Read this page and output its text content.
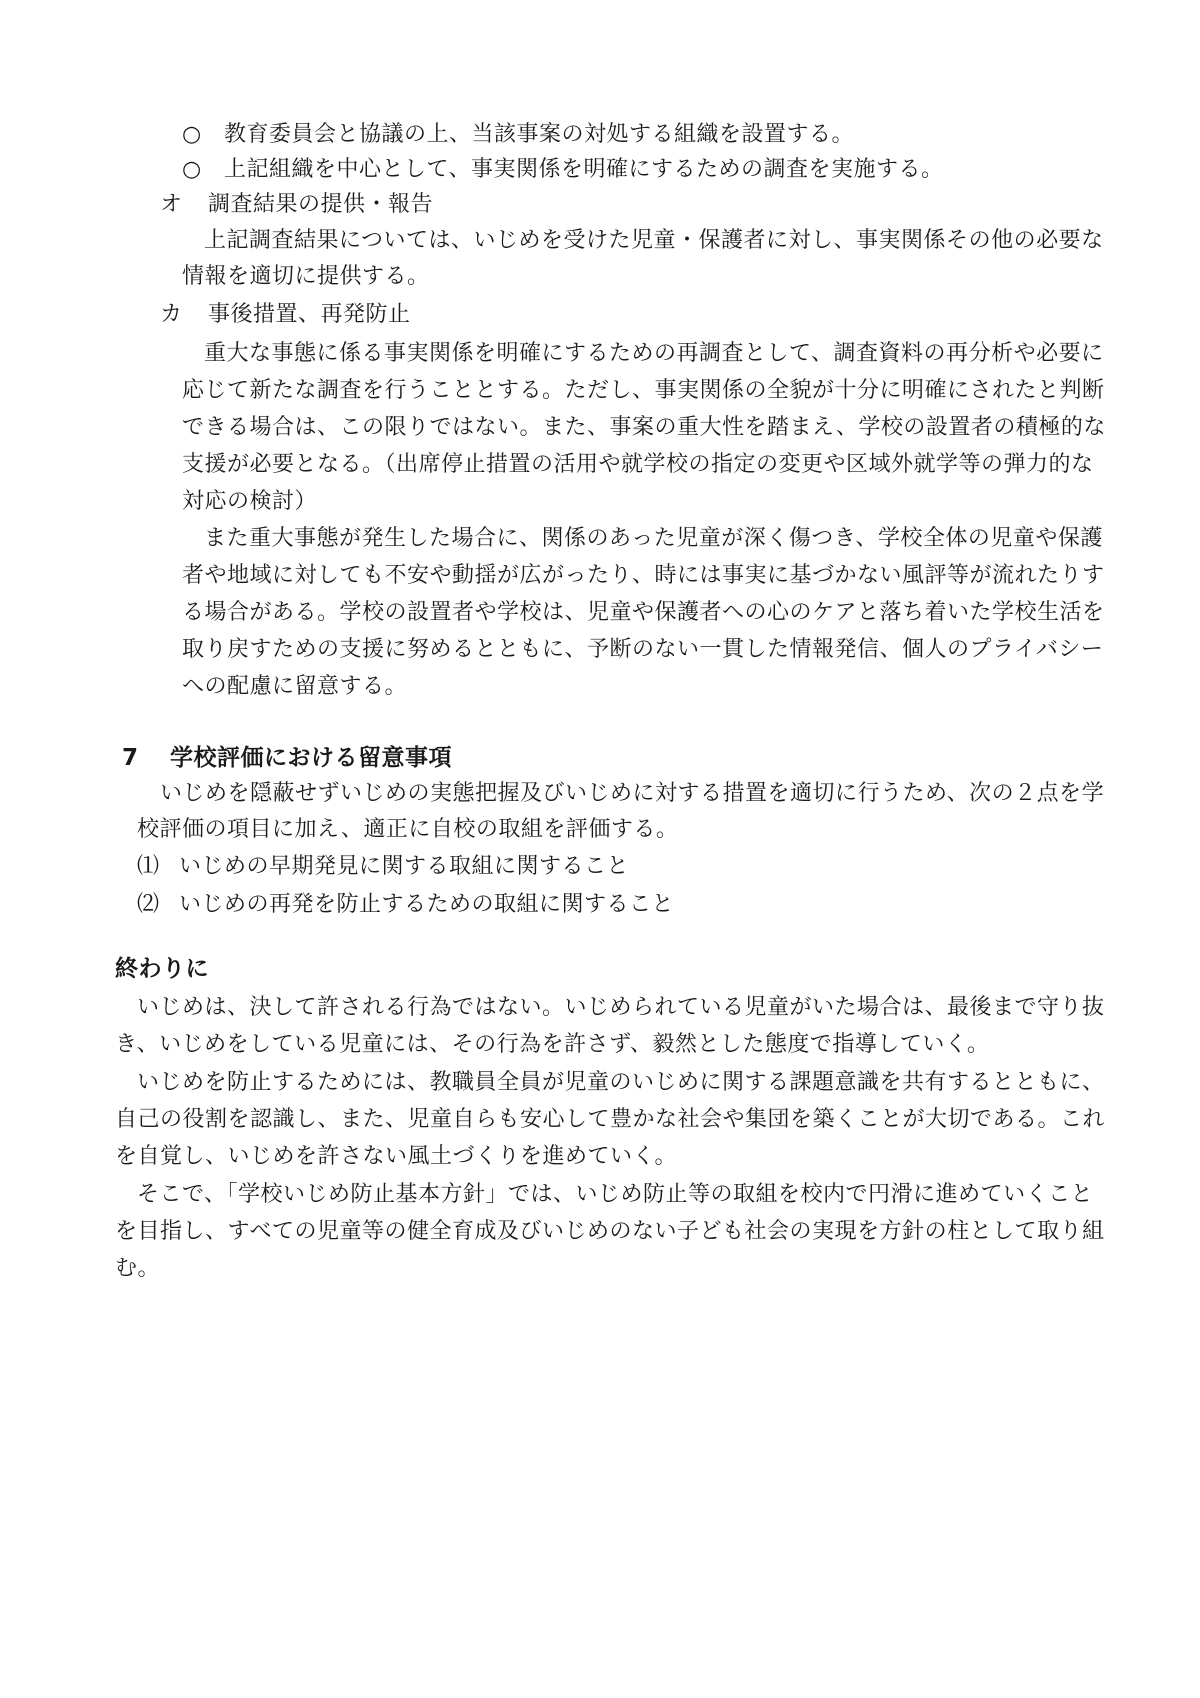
○ 教育委員会と協議の上、当該事案の対処する組織を設置する。
○ 上記組織を中心として、事実関係を明確にするための調査を実施する。
オ 調査結果の提供・報告
上記調査結果については、いじめを受けた児童・保護者に対し、事実関係その他の必要な
情報を適切に提供する。
カ 事後措置、再発防止
重大な事態に係る事実関係を明確にするための再調査として、調査資料の再分析や必要に
応じて新たな調査を行うこととする。ただし、事実関係の全貌が十分に明確にされたと判断
できる場合は、この限りではない。また、事案の重大性を踏まえ、学校の設置者の積極的な
支援が必要となる。（出席停止措置の活用や就学校の指定の変更や区域外就学等の弾力的な
対応の検討）
また重大事態が発生した場合に、関係のあった児童が深く傷つき、学校全体の児童や保護
者や地域に対しても不安や動揺が広がったり、時には事実に基づかない風評等が流れたりす
る場合がある。学校の設置者や学校は、児童や保護者への心のケアと落ち着いた学校生活を
取り戻すための支援に努めるとともに、予断のない一貫した情報発信、個人のプライバシー
への配慮に留意する。
7 学校評価における留意事項
いじめを隠蔽せずいじめの実態把握及びいじめに対する措置を適切に行うため、次の２点を学
校評価の項目に加え、適正に自校の取組を評価する。
⑴ いじめの早期発見に関する取組に関すること
⑵ いじめの再発を防止するための取組に関すること
終わりに
いじめは、決して許される行為ではない。いじめられている児童がいた場合は、最後まで守り抜
き、いじめをしている児童には、その行為を許さず、毅然とした態度で指導していく。
いじめを防止するためには、教職員全員が児童のいじめに関する課題意識を共有するとともに、
自己の役割を認識し、また、児童自らも安心して豊かな社会や集団を築くことが大切である。これ
を自覚し、いじめを許さない風土づくりを進めていく。
そこで、「学校いじめ防止基本方針」では、いじめ防止等の取組を校内で円滑に進めていくこと
を目指し、すべての児童等の健全育成及びいじめのない子ども社会の実現を方針の柱として取り組
む。
